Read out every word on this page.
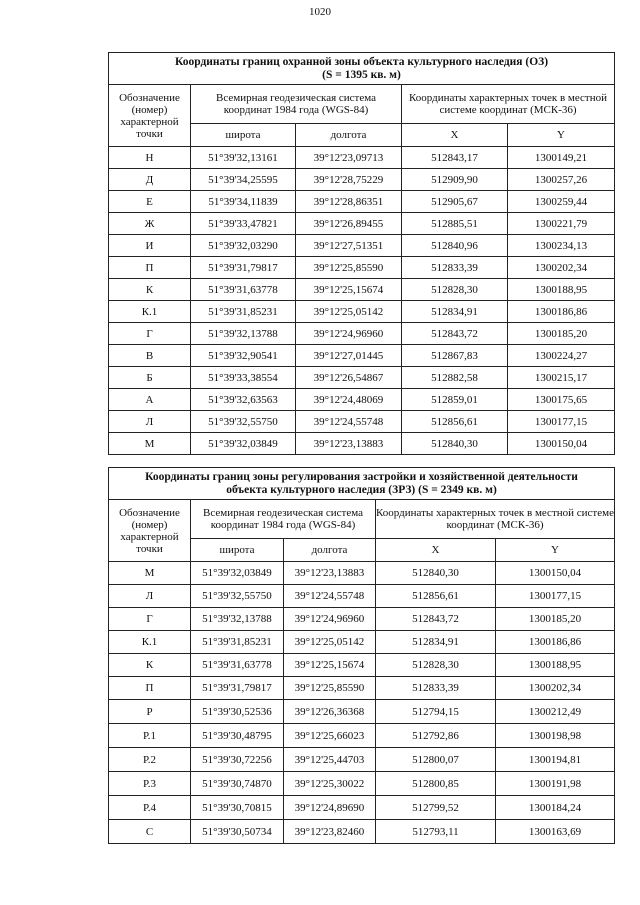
1020
Координаты границ охранной зоны объекта культурного наследия (ОЗ)
(S = 1395 кв. м)				
Обозначение (номер) характерной точки	Всемирная геодезическая система координат 1984 года (WGS-84)		Координаты характерных точек в местной системе координат (МСК-36)	
	широта	долгота	X	Y
Н	51°39'32,13161	39°12'23,09713	512843,17	1300149,21
Д	51°39'34,25595	39°12'28,75229	512909,90	1300257,26
Е	51°39'34,11839	39°12'28,86351	512905,67	1300259,44
Ж	51°39'33,47821	39°12'26,89455	512885,51	1300221,79
И	51°39'32,03290	39°12'27,51351	512840,96	1300234,13
П	51°39'31,79817	39°12'25,85590	512833,39	1300202,34
К	51°39'31,63778	39°12'25,15674	512828,30	1300188,95
К.1	51°39'31,85231	39°12'25,05142	512834,91	1300186,86
Г	51°39'32,13788	39°12'24,96960	512843,72	1300185,20
В	51°39'32,90541	39°12'27,01445	512867,83	1300224,27
Б	51°39'33,38554	39°12'26,54867	512882,58	1300215,17
А	51°39'32,63563	39°12'24,48069	512859,01	1300175,65
Л	51°39'32,55750	39°12'24,55748	512856,61	1300177,15
М	51°39'32,03849	39°12'23,13883	512840,30	1300150,04
Координаты границ зоны регулирования застройки и хозяйственной деятельности
объекта культурного наследия (ЗРЗ) (S = 2349 кв. м)				
Обозначение (номер) характерной точки	Всемирная геодезическая система координат 1984 года (WGS-84)		Координаты характерных точек в местной системе координат (МСК-36)	
	широта	долгота	X	Y
М	51°39'32,03849	39°12'23,13883	512840,30	1300150,04
Л	51°39'32,55750	39°12'24,55748	512856,61	1300177,15
Г	51°39'32,13788	39°12'24,96960	512843,72	1300185,20
К.1	51°39'31,85231	39°12'25,05142	512834,91	1300186,86
К	51°39'31,63778	39°12'25,15674	512828,30	1300188,95
П	51°39'31,79817	39°12'25,85590	512833,39	1300202,34
Р	51°39'30,52536	39°12'26,36368	512794,15	1300212,49
Р.1	51°39'30,48795	39°12'25,66023	512792,86	1300198,98
Р.2	51°39'30,72256	39°12'25,44703	512800,07	1300194,81
Р.3	51°39'30,74870	39°12'25,30022	512800,85	1300191,98
Р.4	51°39'30,70815	39°12'24,89690	512799,52	1300184,24
С	51°39'30,50734	39°12'23,82460	512793,11	1300163,69
